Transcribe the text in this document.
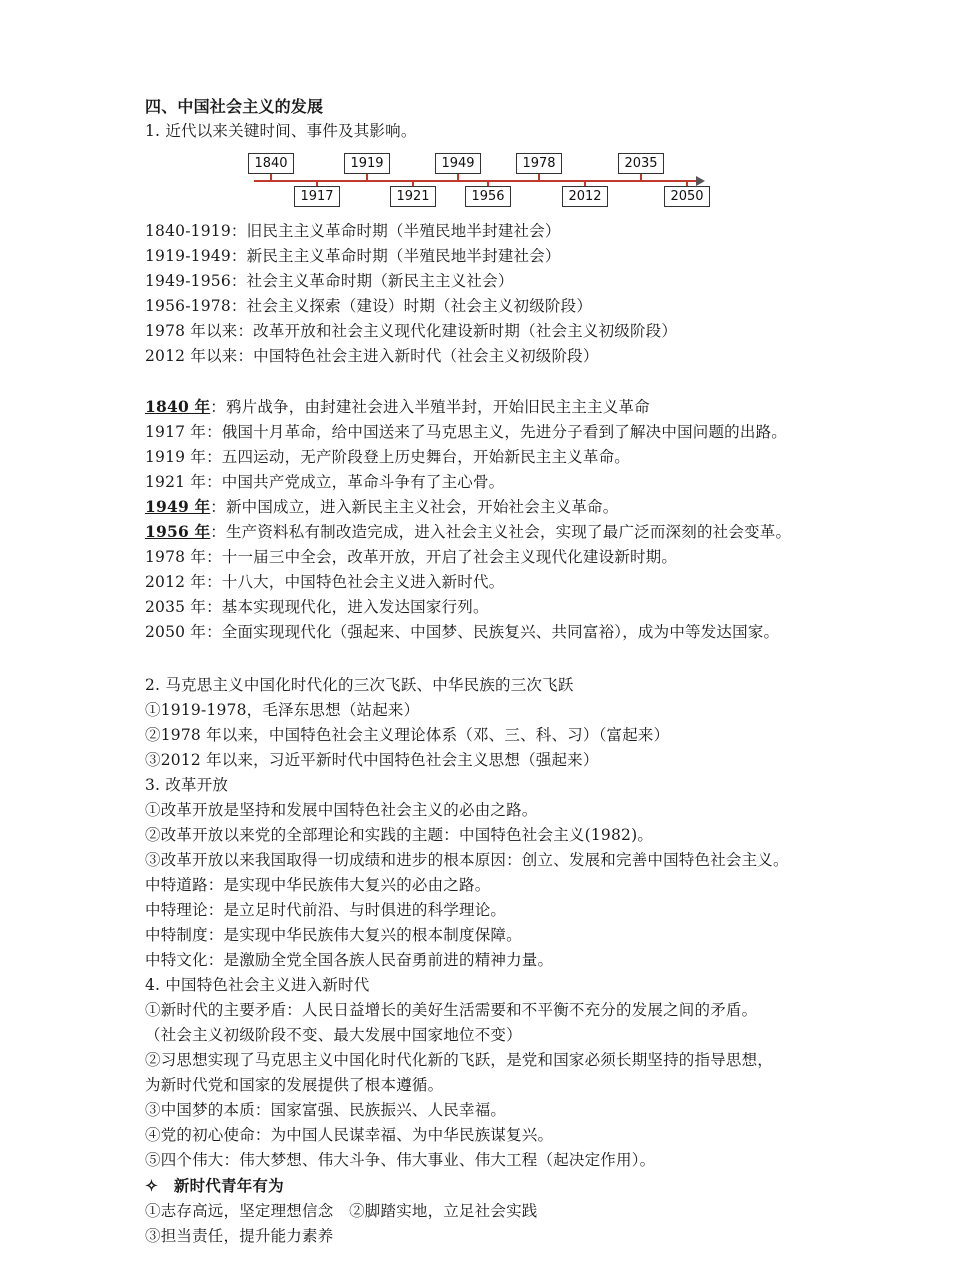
四、中国社会主义的发展
1. 近代以来关键时间、事件及其影响。
1840	1919	1949	1978	2035
1917	1921	1956	2012	2050
1840-1919：旧民主主义革命时期（半殖民地半封建社会）
1919-1949：新民主主义革命时期（半殖民地半封建社会）
1949-1956：社会主义革命时期（新民主主义社会）
1956-1978：社会主义探索（建设）时期（社会主义初级阶段）
1978 年以来：改革开放和社会主义现代化建设新时期（社会主义初级阶段）
2012 年以来：中国特色社会主进入新时代（社会主义初级阶段）
1840 年：鸦片战争，由封建社会进入半殖半封，开始旧民主主主义革命
1917 年：俄国十月革命，给中国送来了马克思主义，先进分子看到了解决中国问题的出路。
1919 年：五四运动，无产阶段登上历史舞台，开始新民主主义革命。
1921 年：中国共产党成立，革命斗争有了主心骨。
1949 年：新中国成立，进入新民主主义社会，开始社会主义革命。
1956 年：生产资料私有制改造完成，进入社会主义社会，实现了最广泛而深刻的社会变革。
1978 年：十一届三中全会，改革开放，开启了社会主义现代化建设新时期。
2012 年：十八大，中国特色社会主义进入新时代。
2035 年：基本实现现代化，进入发达国家行列。
2050 年：全面实现现代化（强起来、中国梦、民族复兴、共同富裕），成为中等发达国家。
2. 马克思主义中国化时代化的三次飞跃、中华民族的三次飞跃
①1919-1978，毛泽东思想（站起来）
②1978 年以来，中国特色社会主义理论体系（邓、三、科、习）（富起来）
③2012 年以来，习近平新时代中国特色社会主义思想（强起来）
3. 改革开放
①改革开放是坚持和发展中国特色社会主义的必由之路。
②改革开放以来党的全部理论和实践的主题：中国特色社会主义(1982)。
③改革开放以来我国取得一切成绩和进步的根本原因：创立、发展和完善中国特色社会主义。
中特道路：是实现中华民族伟大复兴的必由之路。
中特理论：是立足时代前沿、与时俱进的科学理论。
中特制度：是实现中华民族伟大复兴的根本制度保障。
中特文化：是激励全党全国各族人民奋勇前进的精神力量。
4. 中国特色社会主义进入新时代
①新时代的主要矛盾：人民日益增长的美好生活需要和不平衡不充分的发展之间的矛盾。
（社会主义初级阶段不变、最大发展中国家地位不变）
②习思想实现了马克思主义中国化时代化新的飞跃，是党和国家必须长期坚持的指导思想，
为新时代党和国家的发展提供了根本遵循。
③中国梦的本质：国家富强、民族振兴、人民幸福。
④党的初心使命：为中国人民谋幸福、为中华民族谋复兴。
⑤四个伟大：伟大梦想、伟大斗争、伟大事业、伟大工程（起决定作用）。
✧　新时代青年有为
①志存高远，坚定理想信念　②脚踏实地，立足社会实践
③担当责任，提升能力素养
